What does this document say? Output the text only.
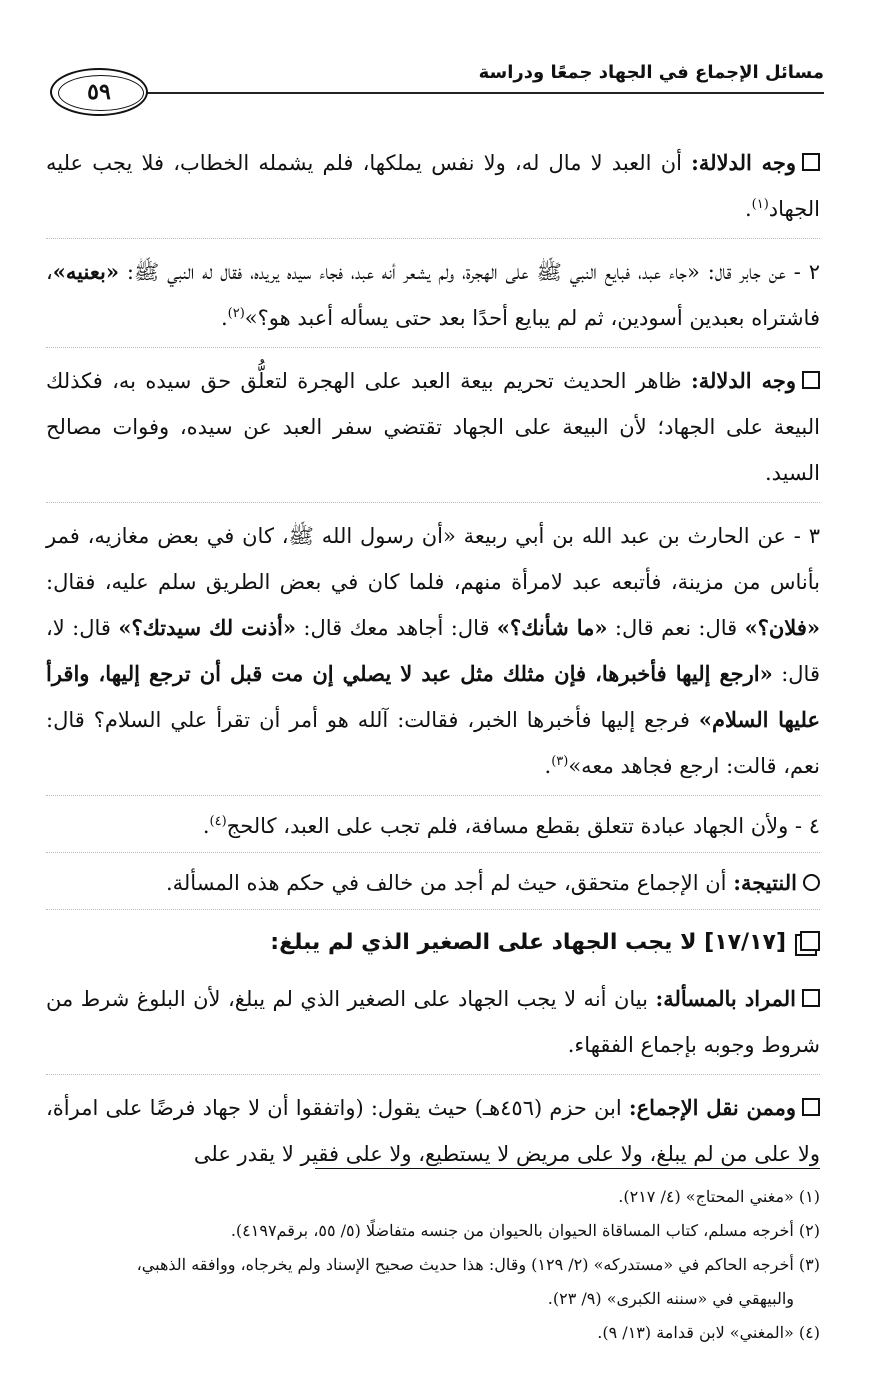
مسائل الإجماع في الجهاد جمعًا ودراسة
٥٩

وجه الدلالة: أن العبد لا مال له، ولا نفس يملكها، فلم يشمله الخطاب، فلا يجب عليه الجهاد$^{(١)}$.

٢ - عن جابر قال: «جاء عبد، فبايع النبي ﷺ على الهجرة، ولم يشعر أنه عبد، فجاء سيده يريده، فقال له النبي ﷺ: «بعنيه»، فاشتراه بعبدين أسودين، ثم لم يبايع أحدًا بعد حتى يسأله أعبد هو؟»$^{(٢)}$.

وجه الدلالة: ظاهر الحديث تحريم بيعة العبد على الهجرة لتعلُّق حق سيده به، فكذلك البيعة على الجهاد؛ لأن البيعة على الجهاد تقتضي سفر العبد عن سيده، وفوات مصالح السيد.

٣ - عن الحارث بن عبد الله بن أبي ربيعة «أن رسول الله ﷺ، كان في بعض مغازيه، فمر بأناس من مزينة، فأتبعه عبد لامرأة منهم، فلما كان في بعض الطريق سلم عليه، فقال: «فلان؟» قال: نعم قال: «ما شأنك؟» قال: أجاهد معك قال: «أذنت لك سيدتك؟» قال: لا، قال: «ارجع إليها فأخبرها، فإن مثلك مثل عبد لا يصلي إن مت قبل أن ترجع إليها، واقرأ عليها السلام» فرجع إليها فأخبرها الخبر، فقالت: آلله هو أمر أن تقرأ علي السلام؟ قال: نعم، قالت: ارجع فجاهد معه»$^{(٣)}$.

٤ - ولأن الجهاد عبادة تتعلق بقطع مسافة، فلم تجب على العبد، كالحج$^{(٤)}$.

النتيجة: أن الإجماع متحقق، حيث لم أجد من خالف في حكم هذه المسألة.

[١٧/١٧] لا يجب الجهاد على الصغير الذي لم يبلغ:

المراد بالمسألة: بيان أنه لا يجب الجهاد على الصغير الذي لم يبلغ، لأن البلوغ شرط من شروط وجوبه بإجماع الفقهاء.

وممن نقل الإجماع: ابن حزم (٤٥٦هـ) حيث يقول: (واتفقوا أن لا جهاد فرضًا على امرأة، ولا على من لم يبلغ، ولا على مريض لا يستطيع، ولا على فقير لا يقدر على

(١) «مغني المحتاج» (٤/ ٢١٧).
(٢) أخرجه مسلم، كتاب المساقاة الحيوان بالحيوان من جنسه متفاضلًا (٥/ ٥٥، برقم٤١٩٧).
(٣) أخرجه الحاكم في «مستدركه» (٢/ ١٢٩) وقال: هذا حديث صحيح الإسناد ولم يخرجاه، ووافقه الذهبي،
والبيهقي في «سننه الكبرى» (٩/ ٢٣).
(٤) «المغني» لابن قدامة (١٣/ ٩).
